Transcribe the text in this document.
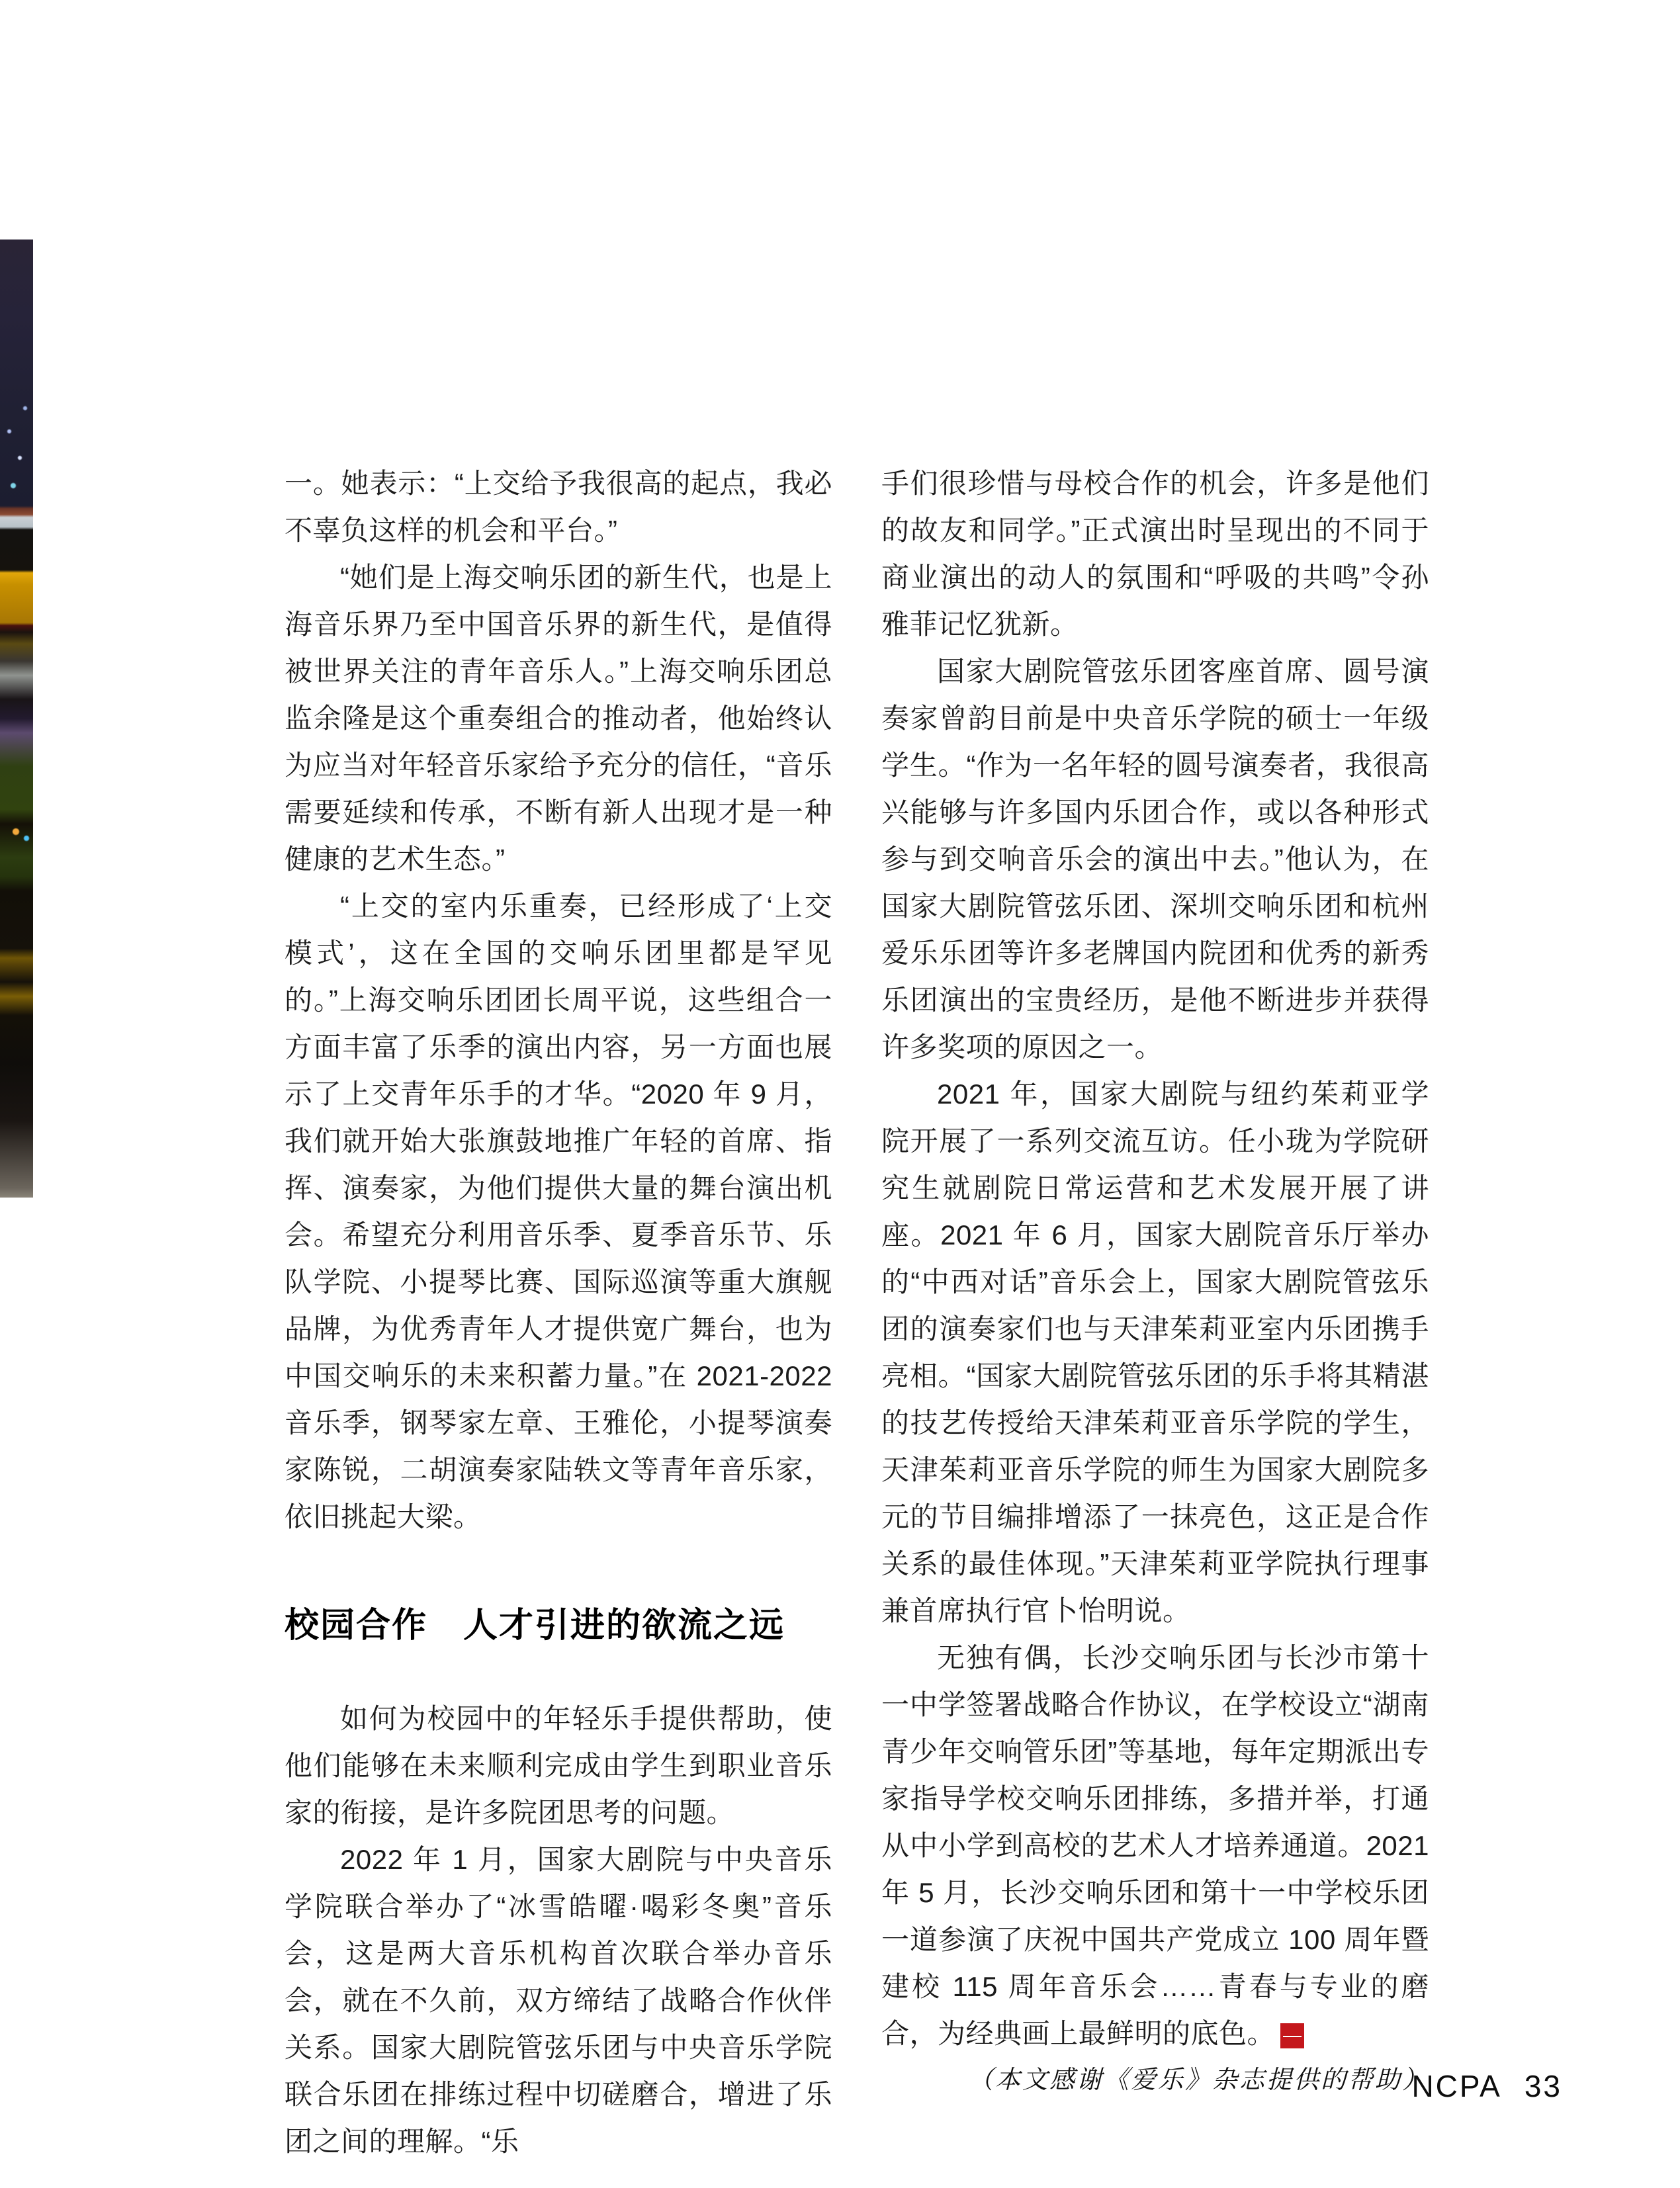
一。她表示：“上交给予我很高的起点，我必不辜负这样的机会和平台。”

“她们是上海交响乐团的新生代，也是上海音乐界乃至中国音乐界的新生代，是值得被世界关注的青年音乐人。”上海交响乐团总监余隆是这个重奏组合的推动者，他始终认为应当对年轻音乐家给予充分的信任，“音乐需要延续和传承，不断有新人出现才是一种健康的艺术生态。”

“上交的室内乐重奏，已经形成了‘上交模式’，这在全国的交响乐团里都是罕见的。”上海交响乐团团长周平说，这些组合一方面丰富了乐季的演出内容，另一方面也展示了上交青年乐手的才华。“2020 年 9 月，我们就开始大张旗鼓地推广年轻的首席、指挥、演奏家，为他们提供大量的舞台演出机会。希望充分利用音乐季、夏季音乐节、乐队学院、小提琴比赛、国际巡演等重大旗舰品牌，为优秀青年人才提供宽广舞台，也为中国交响乐的未来积蓄力量。”在 2021-2022 音乐季，钢琴家左章、王雅伦，小提琴演奏家陈锐，二胡演奏家陆轶文等青年音乐家，依旧挑起大梁。

校园合作　人才引进的欲流之远

如何为校园中的年轻乐手提供帮助，使他们能够在未来顺利完成由学生到职业音乐家的衔接，是许多院团思考的问题。

2022 年 1 月，国家大剧院与中央音乐学院联合举办了“冰雪皓曜·喝彩冬奥”音乐会，这是两大音乐机构首次联合举办音乐会，就在不久前，双方缔结了战略合作伙伴关系。国家大剧院管弦乐团与中央音乐学院联合乐团在排练过程中切磋磨合，增进了乐团之间的理解。“乐

手们很珍惜与母校合作的机会，许多是他们的故友和同学。”正式演出时呈现出的不同于商业演出的动人的氛围和“呼吸的共鸣”令孙雅菲记忆犹新。

国家大剧院管弦乐团客座首席、圆号演奏家曾韵目前是中央音乐学院的硕士一年级学生。“作为一名年轻的圆号演奏者，我很高兴能够与许多国内乐团合作，或以各种形式参与到交响音乐会的演出中去。”他认为，在国家大剧院管弦乐团、深圳交响乐团和杭州爱乐乐团等许多老牌国内院团和优秀的新秀乐团演出的宝贵经历，是他不断进步并获得许多奖项的原因之一。

2021 年，国家大剧院与纽约茱莉亚学院开展了一系列交流互访。任小珑为学院研究生就剧院日常运营和艺术发展开展了讲座。2021 年 6 月，国家大剧院音乐厅举办的“中西对话”音乐会上，国家大剧院管弦乐团的演奏家们也与天津茱莉亚室内乐团携手亮相。“国家大剧院管弦乐团的乐手将其精湛的技艺传授给天津茱莉亚音乐学院的学生，天津茱莉亚音乐学院的师生为国家大剧院多元的节目编排增添了一抹亮色，这正是合作关系的最佳体现。”天津茱莉亚学院执行理事兼首席执行官卜怡明说。

无独有偶，长沙交响乐团与长沙市第十一中学签署战略合作协议，在学校设立“湖南青少年交响管乐团”等基地，每年定期派出专家指导学校交响乐团排练，多措并举，打通从中小学到高校的艺术人才培养通道。2021 年 5 月，长沙交响乐团和第十一中学校乐团一道参演了庆祝中国共产党成立 100 周年暨建校 115 周年音乐会……青春与专业的磨合，为经典画上最鲜明的底色。 $\frac{NC}{PA}$

（本文感谢《爱乐》杂志提供的帮助）

NCPA 33
